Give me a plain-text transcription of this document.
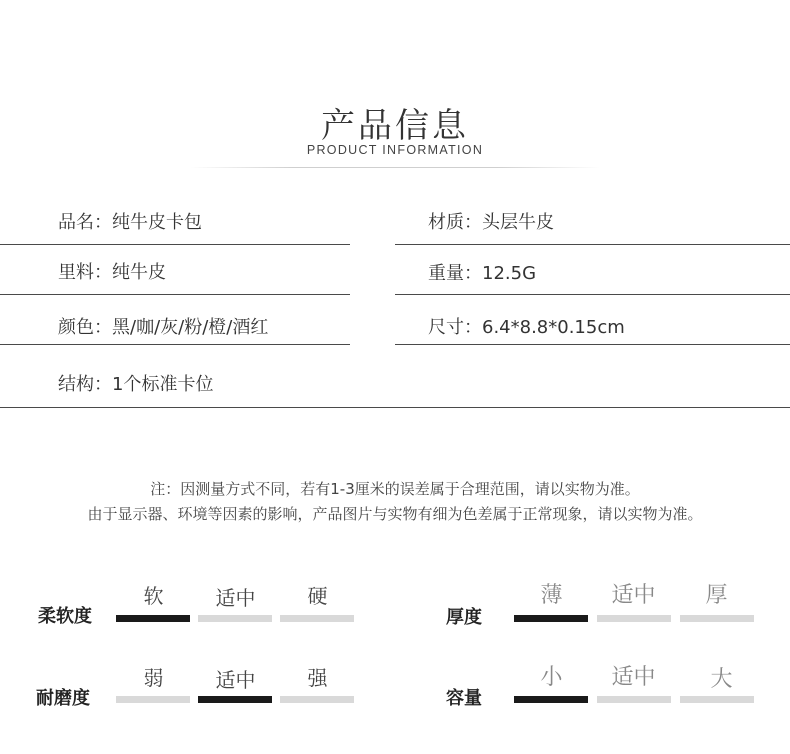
产品信息
PRODUCT INFORMATION
品名：纯牛皮卡包	材质：头层牛皮
里料：纯牛皮	重量：12.5G
颜色：黑/咖/灰/粉/橙/酒红	尺寸：6.4*8.8*0.15cm
结构：1个标准卡位
注：因测量方式不同，若有1-3厘米的误差属于合理范围，请以实物为准。
由于显示器、环境等因素的影响，产品图片与实物有细为色差属于正常现象，请以实物为准。
柔软度
软	适中	硬
厚度
薄	适中	厚
耐磨度
弱	适中	强
容量
小	适中	大
